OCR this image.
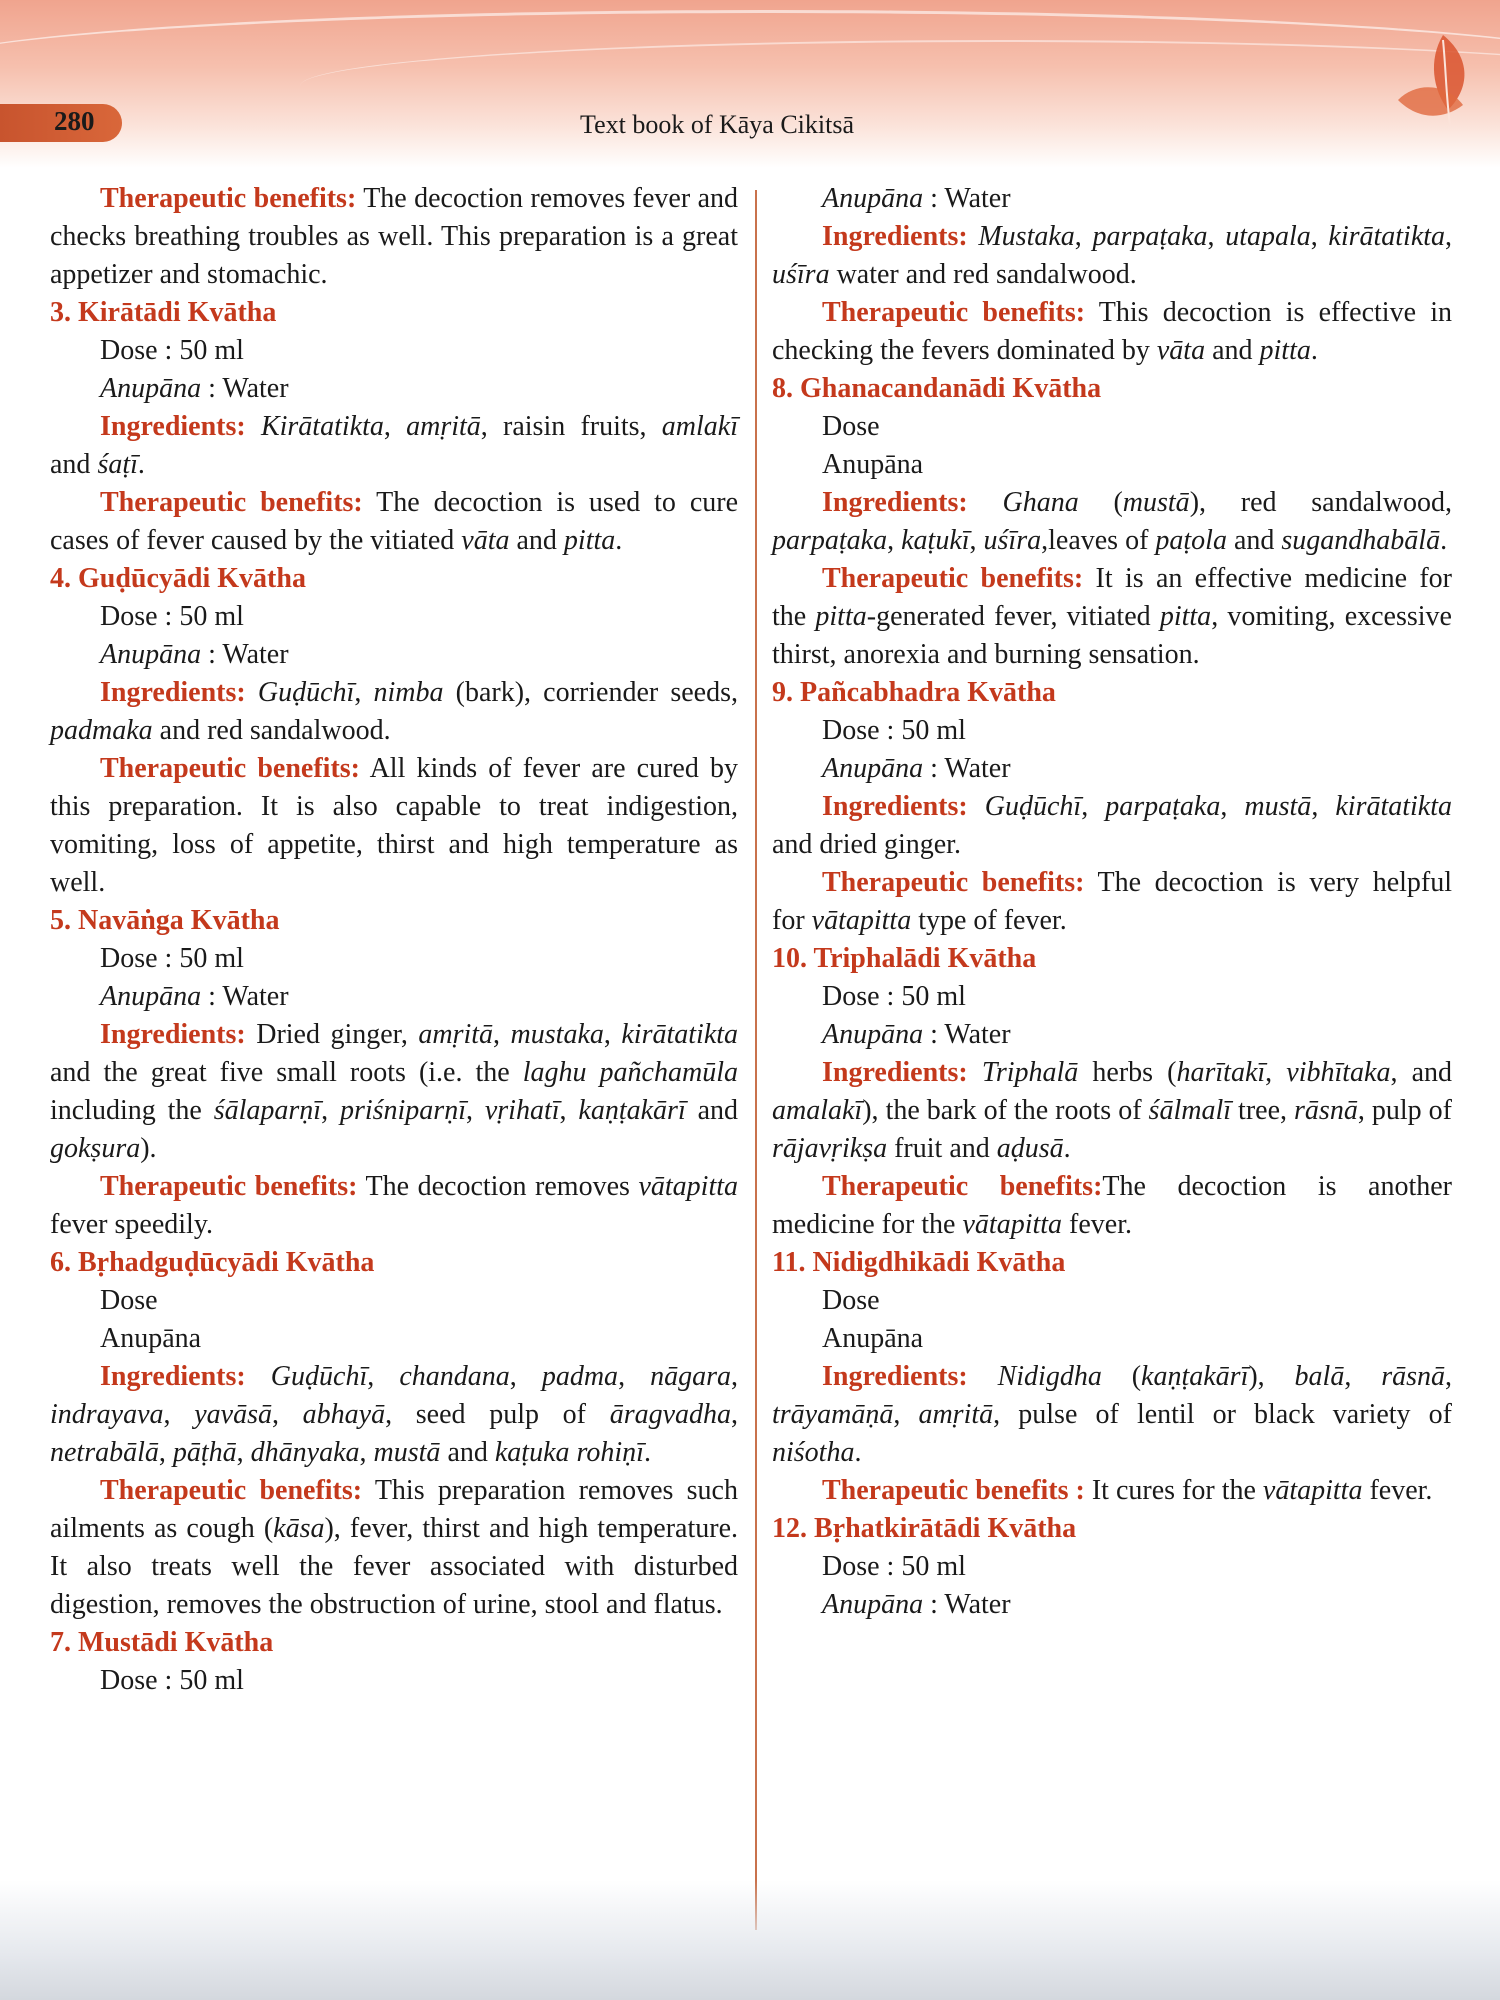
280	Text book of Kāya Cikitsā

Therapeutic benefits: The decoction removes fever and checks breathing troubles as well. This preparation is a great appetizer and stomachic.

3. Kirātādi Kvātha

Dose : 50 ml

Anupāna : Water

Ingredients: Kirātatikta, amṛitā, raisin fruits, amlakī and śaṭī.

Therapeutic benefits: The decoction is used to cure cases of fever caused by the vitiated vāta and pitta.

4. Guḍūcyādi Kvātha

Dose : 50 ml

Anupāna : Water

Ingredients: Guḍūchī, nimba (bark), corriender seeds, padmaka and red sandalwood.

Therapeutic benefits: All kinds of fever are cured by this preparation. It is also capable to treat indigestion, vomiting, loss of appetite, thirst and high temperature as well.

5. Navāṅga Kvātha

Dose : 50 ml

Anupāna : Water

Ingredients: Dried ginger, amṛitā, mustaka, kirātatikta and the great five small roots (i.e. the laghu pañchamūla including the śālaparṇī, priśniparṇī, vṛihatī, kaṇṭakārī and gokṣura).

Therapeutic benefits: The decoction removes vātapitta fever speedily.

6. Bṛhadguḍūcyādi Kvātha

Dose

Anupāna

Ingredients: Guḍūchī, chandana, padma, nāgara, indrayava, yavāsā, abhayā, seed pulp of āragvadha, netrabālā, pāṭhā, dhānyaka, mustā and kaṭuka rohiṇī.

Therapeutic benefits: This preparation removes such ailments as cough (kāsa), fever, thirst and high temperature. It also treats well the fever associated with disturbed digestion, removes the obstruction of urine, stool and flatus.

7. Mustādi Kvātha

Dose : 50 ml

Anupāna : Water

Ingredients: Mustaka, parpaṭaka, utapala, kirātatikta, uśīra water and red sandalwood.

Therapeutic benefits: This decoction is effective in checking the fevers dominated by vāta and pitta.

8. Ghanacandanādi Kvātha

Dose

Anupāna

Ingredients: Ghana (mustā), red sandalwood, parpaṭaka, kaṭukī, uśīra,leaves of paṭola and sugandhabālā.

Therapeutic benefits: It is an effective medicine for the pitta-generated fever, vitiated pitta, vomiting, excessive thirst, anorexia and burning sensation.

9. Pañcabhadra Kvātha

Dose : 50 ml

Anupāna : Water

Ingredients: Guḍūchī, parpaṭaka, mustā, kirātatikta and dried ginger.

Therapeutic benefits: The decoction is very helpful for vātapitta type of fever.

10. Triphalādi Kvātha

Dose : 50 ml

Anupāna : Water

Ingredients: Triphalā herbs (harītakī, vibhītaka, and amalakī), the bark of the roots of śālmalī tree, rāsnā, pulp of rājavṛikṣa fruit and aḍusā.

Therapeutic benefits:The decoction is another medicine for the vātapitta fever.

11. Nidigdhikādi Kvātha

Dose

Anupāna

Ingredients: Nidigdha (kaṇṭakārī), balā, rāsnā, trāyamāṇā, amṛitā, pulse of lentil or black variety of niśotha.

Therapeutic benefits : It cures for the vātapitta fever.

12. Bṛhatkirātādi Kvātha

Dose : 50 ml

Anupāna : Water
